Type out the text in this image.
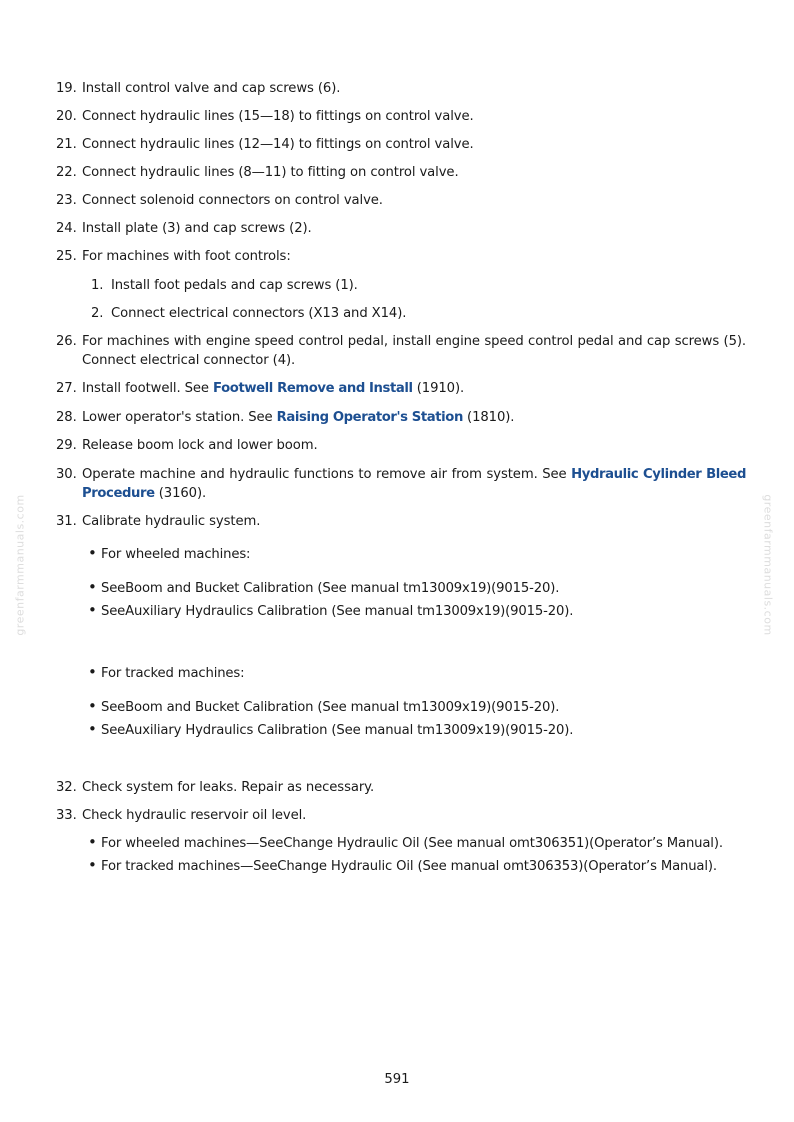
19. Install control valve and cap screws (6).
20. Connect hydraulic lines (15—18) to fittings on control valve.
21. Connect hydraulic lines (12—14) to fittings on control valve.
22. Connect hydraulic lines (8—11) to fitting on control valve.
23. Connect solenoid connectors on control valve.
24. Install plate (3) and cap screws (2).
25. For machines with foot controls:
1. Install foot pedals and cap screws (1).
2. Connect electrical connectors (X13 and X14).
26. For machines with engine speed control pedal, install engine speed control pedal and cap screws (5). Connect electrical connector (4).
27. Install footwell. See Footwell Remove and Install (1910).
28. Lower operator's station. See Raising Operator's Station (1810).
29. Release boom lock and lower boom.
30. Operate machine and hydraulic functions to remove air from system. See Hydraulic Cylinder Bleed Procedure (3160).
31. Calibrate hydraulic system.
• For wheeled machines:
• SeeBoom and Bucket Calibration (See manual tm13009x19)(9015-20).
• SeeAuxiliary Hydraulics Calibration (See manual tm13009x19)(9015-20).
• For tracked machines:
• SeeBoom and Bucket Calibration (See manual tm13009x19)(9015-20).
• SeeAuxiliary Hydraulics Calibration (See manual tm13009x19)(9015-20).
32. Check system for leaks. Repair as necessary.
33. Check hydraulic reservoir oil level.
• For wheeled machines—SeeChange Hydraulic Oil (See manual omt306351)(Operator’s Manual).
• For tracked machines—SeeChange Hydraulic Oil (See manual omt306353)(Operator’s Manual).
greenfarmmanuals.com	greenfarmmanuals.com
591
